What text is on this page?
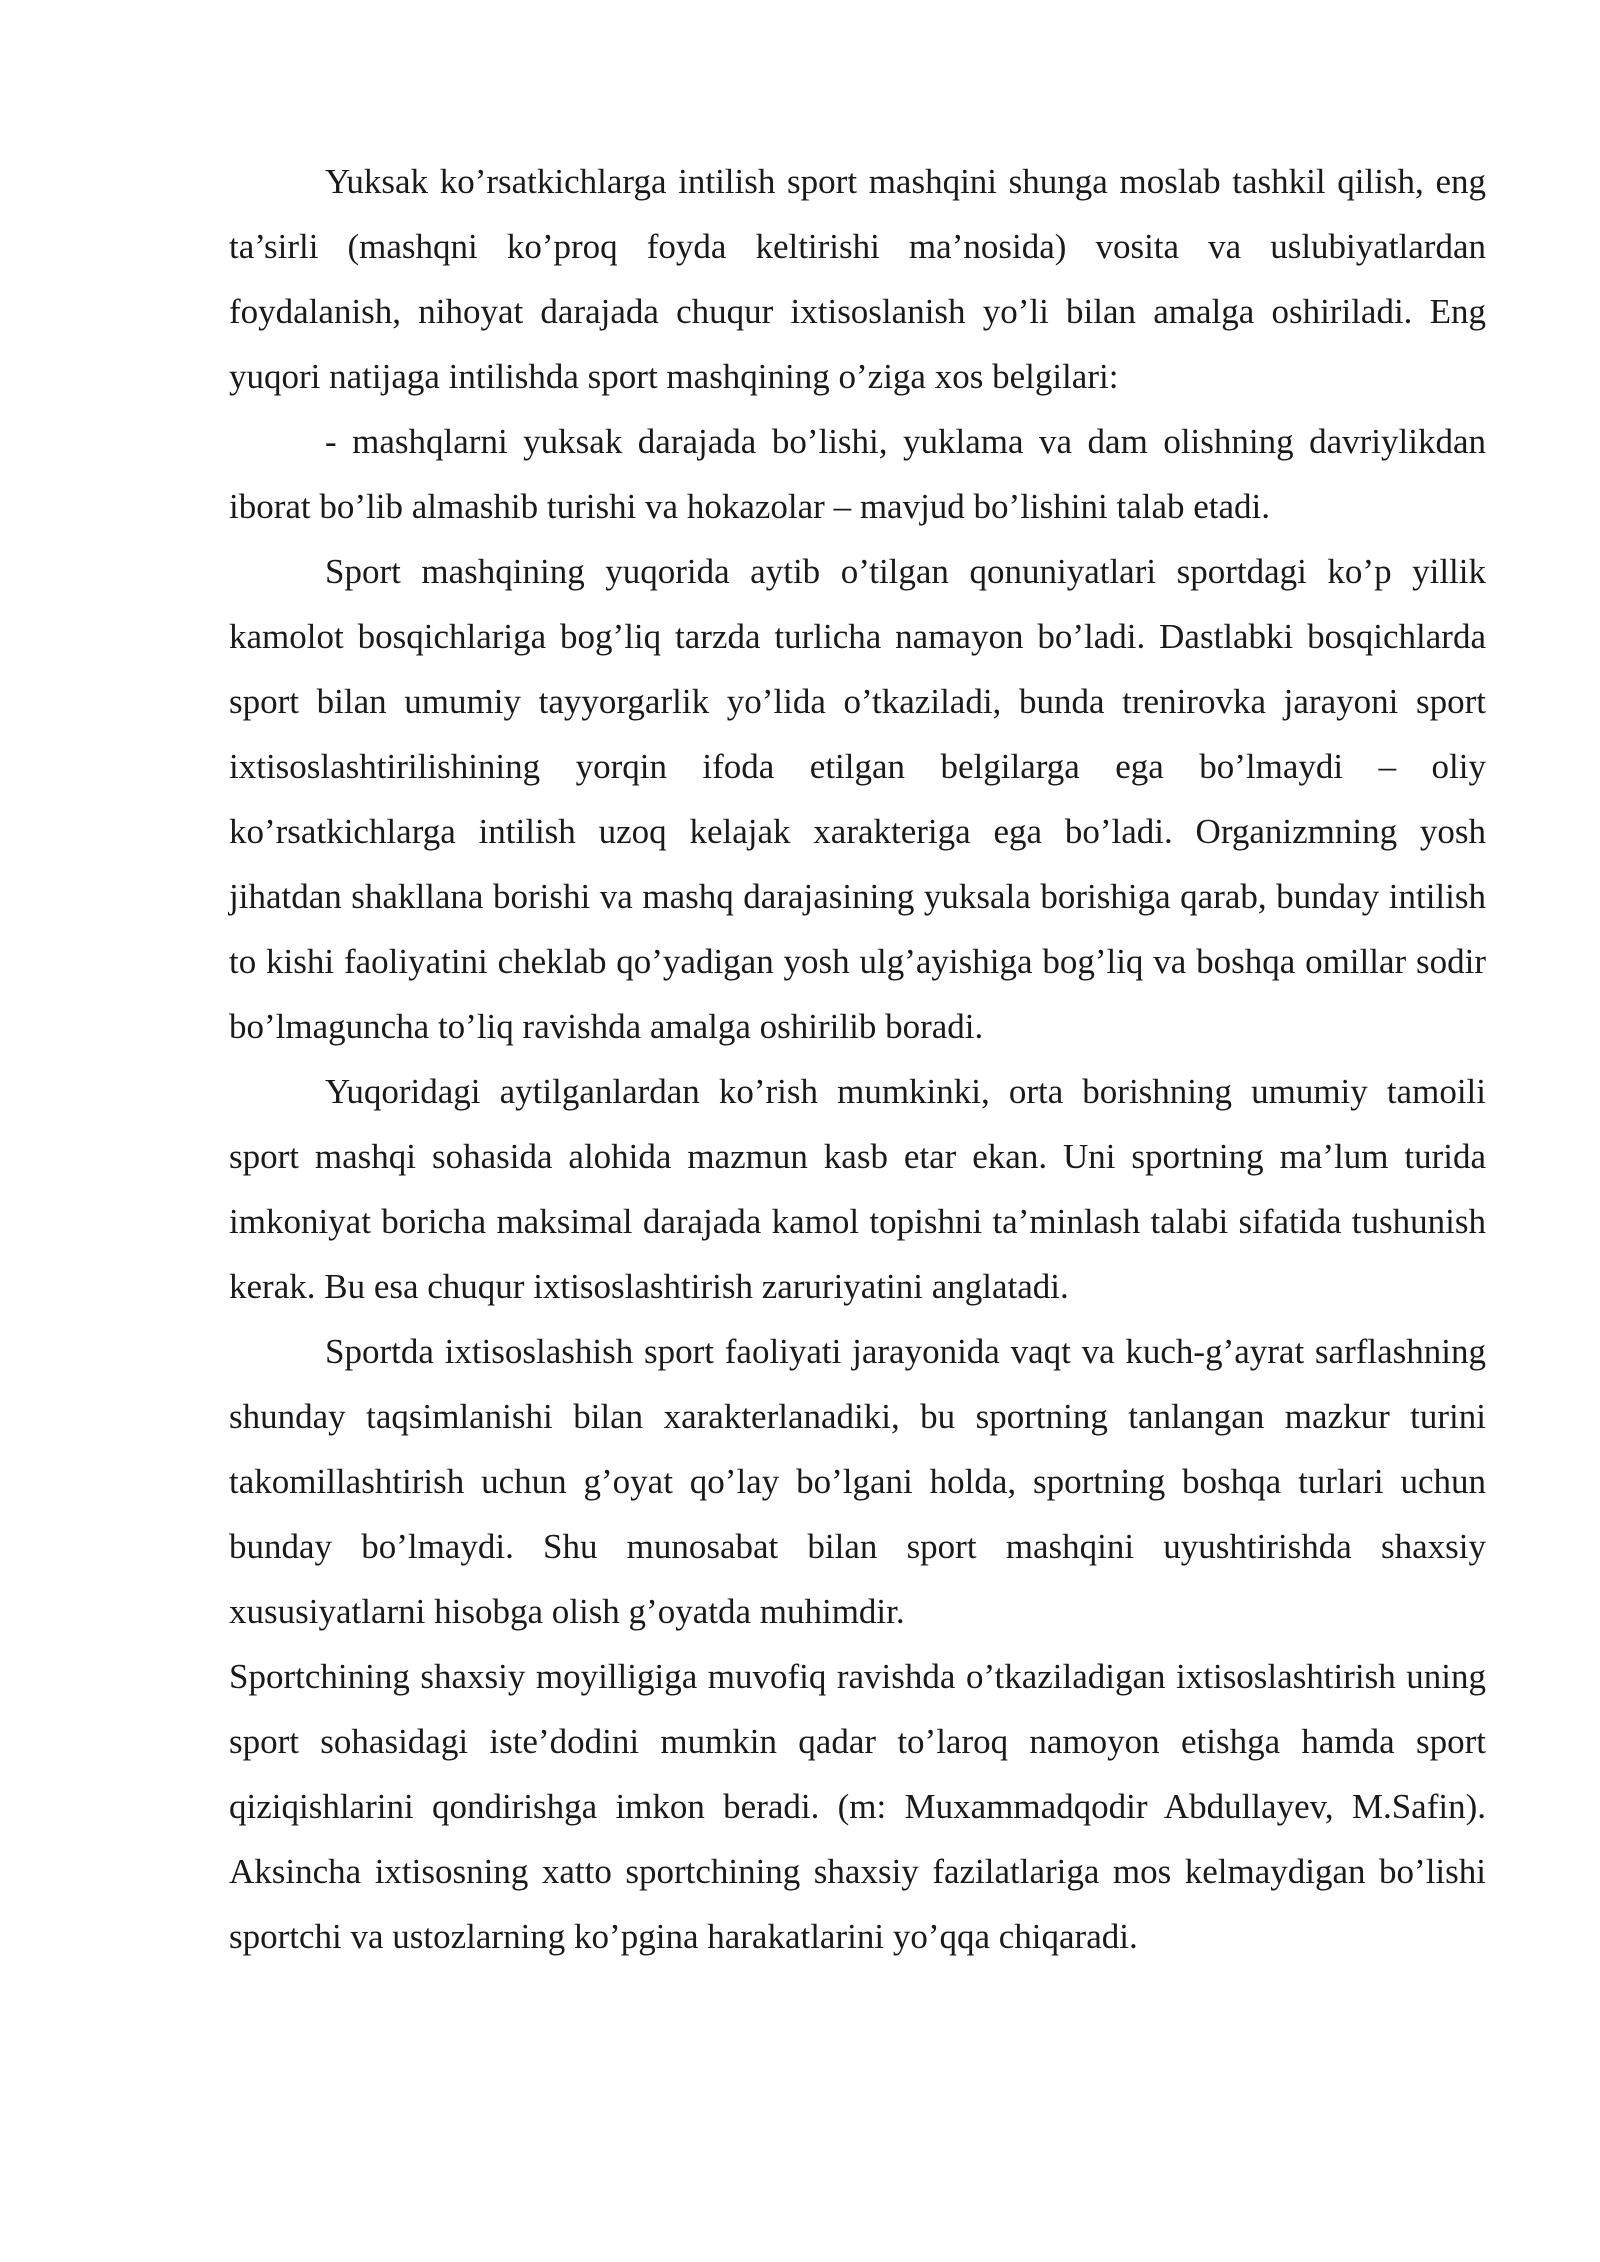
Yuksak ko’rsatkichlarga intilish sport mashqini shunga moslab tashkil qilish, eng ta’sirli (mashqni ko’proq foyda keltirishi ma’nosida) vosita va uslubiyatlardan foydalanish, nihoyat darajada chuqur ixtisoslanish yo’li bilan amalga oshiriladi. Eng yuqori natijaga intilishda sport mashqining o’ziga xos belgilari:

- mashqlarni yuksak darajada bo’lishi, yuklama va dam olishning davriylikdan iborat bo’lib almashib turishi va hokazolar – mavjud bo’lishini talab etadi.

Sport mashqining yuqorida aytib o’tilgan qonuniyatlari sportdagi ko’p yillik kamolot bosqichlariga bog’liq tarzda turlicha namayon bo’ladi. Dastlabki bosqichlarda sport bilan umumiy tayyorgarlik yo’lida o’tkaziladi, bunda trenirovka jarayoni sport ixtisoslashtirilishining yorqin ifoda etilgan belgilarga ega bo’lmaydi – oliy ko’rsatkichlarga intilish uzoq kelajak xarakteriga ega bo’ladi. Organizmning yosh jihatdan shakllana borishi va mashq darajasining yuksala borishiga qarab, bunday intilish to kishi faoliyatini cheklab qo’yadigan yosh ulg’ayishiga bog’liq va boshqa omillar sodir bo’lmaguncha to’liq ravishda amalga oshirilib boradi.

Yuqoridagi aytilganlardan ko’rish mumkinki, orta borishning umumiy tamoili sport mashqi sohasida alohida mazmun kasb etar ekan. Uni sportning ma’lum turida imkoniyat boricha maksimal darajada kamol topishni ta’minlash talabi sifatida tushunish kerak. Bu esa chuqur ixtisoslashtirish zaruriyatini anglatadi.

Sportda ixtisoslashish sport faoliyati jarayonida vaqt va kuch-g’ayrat sarflashning shunday taqsimlanishi bilan xarakterlanadiki, bu sportning tanlangan mazkur turini takomillashtirish uchun g’oyat qo’lay bo’lgani holda, sportning boshqa turlari uchun bunday bo’lmaydi. Shu munosabat bilan sport mashqini uyushtirishda shaxsiy xususiyatlarni hisobga olish g’oyatda muhimdir.

Sportchining shaxsiy moyilligiga muvofiq ravishda o’tkaziladigan ixtisoslashtirish uning sport sohasidagi iste’dodini mumkin qadar to’laroq namoyon etishga hamda sport qiziqishlarini qondirishga imkon beradi. (m: Muxammadqodir Abdullayev, M.Safin). Aksincha ixtisosning xatto sportchining shaxsiy fazilatlariga mos kelmaydigan bo’lishi sportchi va ustozlarning ko’pgina harakatlarini yo’qqa chiqaradi.
